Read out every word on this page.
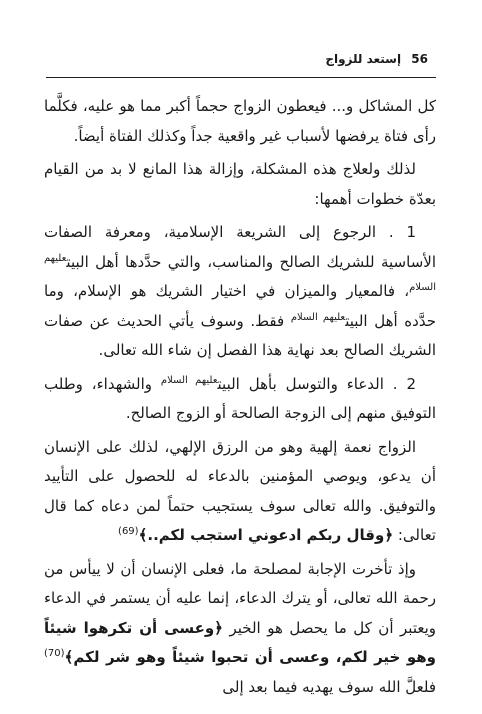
56 إستعد للزواج

كل المشاكل و... فيعطون الزواج حجماً أكبر مما هو عليه، فكلَّما رأى فتاة يرفضها لأسباب غير واقعية جداً وكذلك الفتاة أيضاً.

لذلك ولعلاج هذه المشكلة، وإزالة هذا المانع لا بد من القيام بعدّة خطوات أهمها:

1 . الرجوع إلى الشريعة الإسلامية، ومعرفة الصفات الأساسية للشريك الصالح والمناسب، والتي حدَّدها أهل البيت$^{عليهم السلام}$، فالمعيار والميزان في اختيار الشريك هو الإسلام، وما حدَّده أهل البيت$^{عليهم السلام}$ فقط. وسوف يأتي الحديث عن صفات الشريك الصالح بعد نهاية هذا الفصل إن شاء الله تعالى.

2 . الدعاء والتوسل بأهل البيت$^{عليهم السلام}$ والشهداء، وطلب التوفيق منهم إلى الزوجة الصالحة أو الزوج الصالح.

الزواج نعمة إلهية وهو من الرزق الإلهي، لذلك على الإنسان أن يدعو، ويوصي المؤمنين بالدعاء له للحصول على التأييد والتوفيق. والله تعالى سوف يستجيب حتماً لمن دعاه كما قال تعالى: ﴿وقال ربكم ادعوني استجب لكم..﴾$^{(69)}$

وإذ تأخرت الإجابة لمصلحة ما، فعلى الإنسان أن لا ييأس من رحمة الله تعالى، أو يترك الدعاء، إنما عليه أن يستمر في الدعاء ويعتبر أن كل ما يحصل هو الخير ﴿وعسى أن تكرهوا شيئاً وهو خير لكم، وعسى أن تحبوا شيئاً وهو شر لكم﴾$^{(70)}$ فلعلَّ الله سوف يهديه فيما بعد إلى
